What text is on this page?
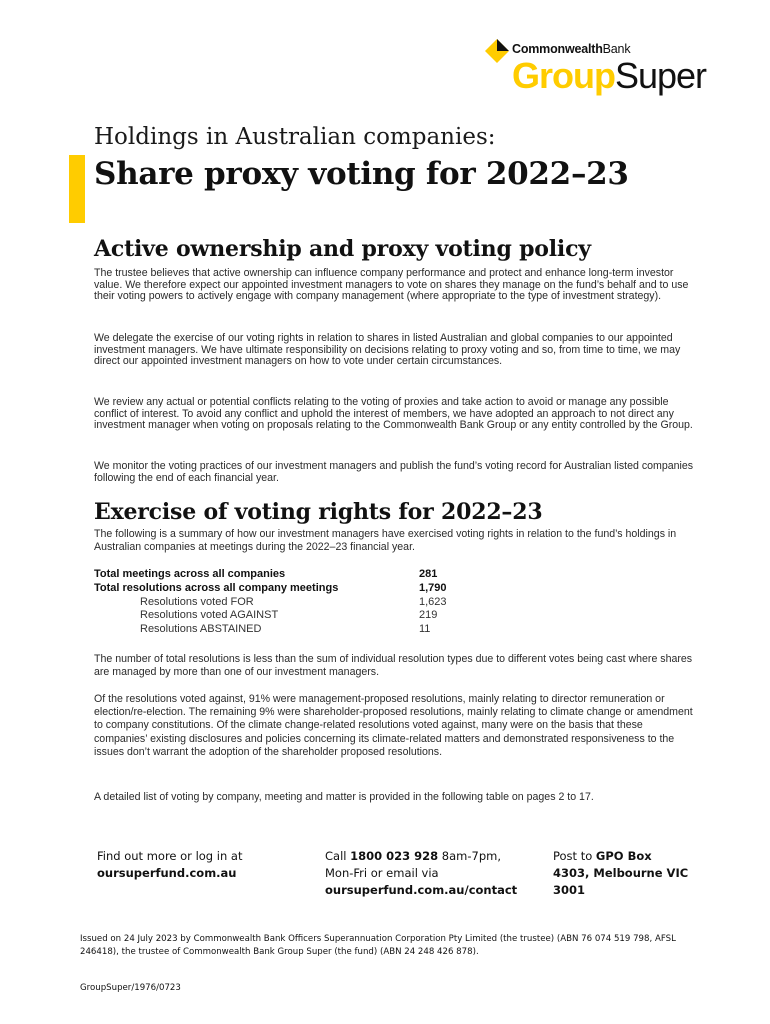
CommonwealthBank
GroupSuper
Holdings in Australian companies:
Share proxy voting for 2022–23
Active ownership and proxy voting policy

The trustee believes that active ownership can influence company performance and protect and enhance long-term investor value. We therefore expect our appointed investment managers to vote on shares they manage on the fund’s behalf and to use their voting powers to actively engage with company management (where appropriate to the type of investment strategy).

We delegate the exercise of our voting rights in relation to shares in listed Australian and global companies to our appointed investment managers. We have ultimate responsibility on decisions relating to proxy voting and so, from time to time, we may direct our appointed investment managers on how to vote under certain circumstances.

We review any actual or potential conflicts relating to the voting of proxies and take action to avoid or manage any possible conflict of interest. To avoid any conflict and uphold the interest of members, we have adopted an approach to not direct any investment manager when voting on proposals relating to the Commonwealth Bank Group or any entity controlled by the Group.

We monitor the voting practices of our investment managers and publish the fund’s voting record for Australian listed companies following the end of each financial year.

Exercise of voting rights for 2022–23

The following is a summary of how our investment managers have exercised voting rights in relation to the fund’s holdings in Australian companies at meetings during the 2022–23 financial year.

Total meetings across all companies	281
Total resolutions across all company meetings	1,790
Resolutions voted FOR	1,623
Resolutions voted AGAINST	219
Resolutions ABSTAINED	11

The number of total resolutions is less than the sum of individual resolution types due to different votes being cast where shares are managed by more than one of our investment managers.

Of the resolutions voted against, 91% were management-proposed resolutions, mainly relating to director remuneration or election/re-election. The remaining 9% were shareholder-proposed resolutions, mainly relating to climate change or amendment to company constitutions. Of the climate change-related resolutions voted against, many were on the basis that these companies’ existing disclosures and policies concerning its climate-related matters and demonstrated responsiveness to the issues don’t warrant the adoption of the shareholder proposed resolutions.

A detailed list of voting by company, meeting and matter is provided in the following table on pages 2 to 17.

Find out more or log in at
oursuperfund.com.au
Call 1800 023 928 8am-7pm,
Mon-Fri or email via
oursuperfund.com.au/contact
Post to GPO Box
4303, Melbourne VIC
3001
Issued on 24 July 2023 by Commonwealth Bank Officers Superannuation Corporation Pty Limited (the trustee) (ABN 76 074 519 798, AFSL 246418), the trustee of Commonwealth Bank Group Super (the fund) (ABN 24 248 426 878).
GroupSuper/1976/0723
